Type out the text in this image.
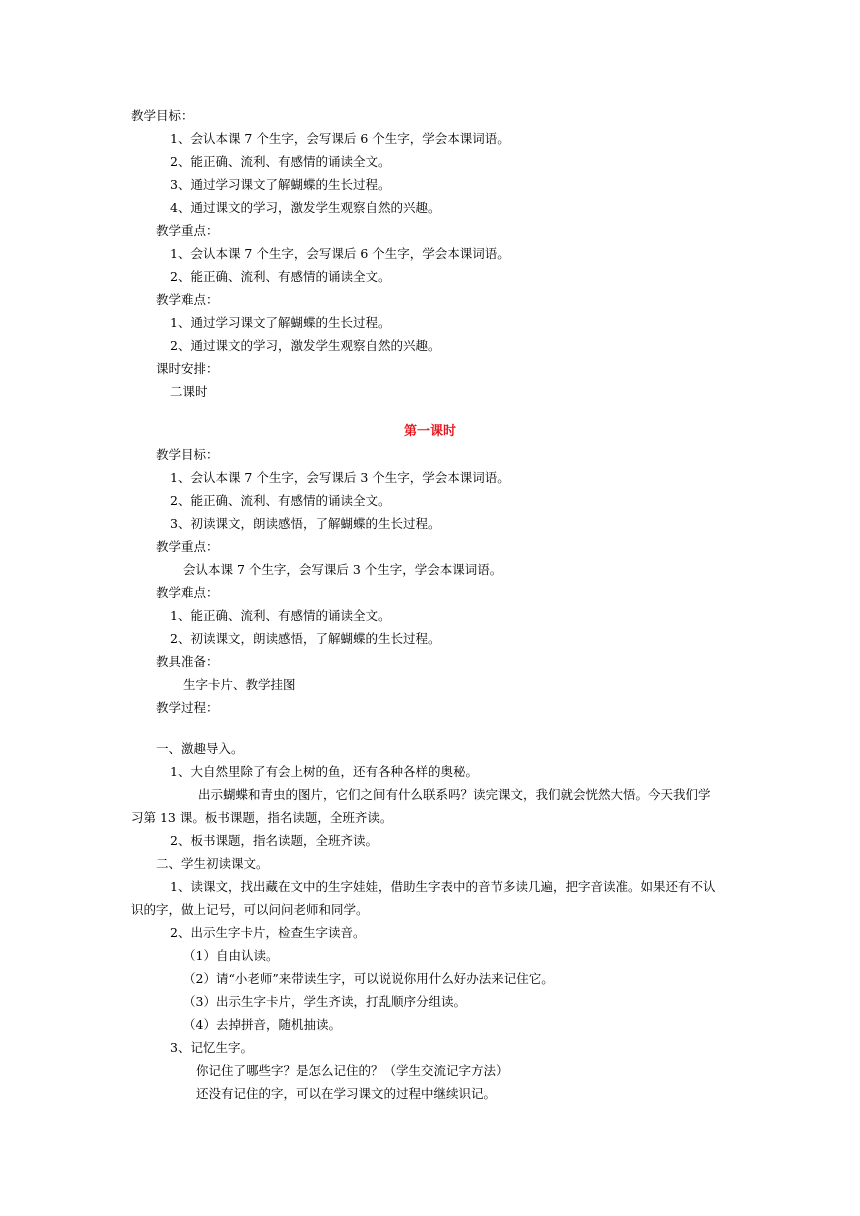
教学目标：
1、会认本课 7 个生字，会写课后 6 个生字，学会本课词语。
2、能正确、流利、有感情的诵读全文。
3、通过学习课文了解蝴蝶的生长过程。
4、通过课文的学习，激发学生观察自然的兴趣。
教学重点：
1、会认本课 7 个生字，会写课后 6 个生字，学会本课词语。
2、能正确、流利、有感情的诵读全文。
教学难点：
1、通过学习课文了解蝴蝶的生长过程。
2、通过课文的学习，激发学生观察自然的兴趣。
课时安排：
二课时
第一课时
教学目标：
1、会认本课 7 个生字，会写课后 3 个生字，学会本课词语。
2、能正确、流利、有感情的诵读全文。
3、初读课文，朗读感悟，了解蝴蝶的生长过程。
教学重点：
会认本课 7 个生字，会写课后 3 个生字，学会本课词语。
教学难点：
1、能正确、流利、有感情的诵读全文。
2、初读课文，朗读感悟，了解蝴蝶的生长过程。
教具准备：
生字卡片、教学挂图
教学过程：
一、激趣导入。
1、大自然里除了有会上树的鱼，还有各种各样的奥秘。
出示蝴蝶和青虫的图片，它们之间有什么联系吗？读完课文，我们就会恍然大悟。今天我们学
习第 13 课。板书课题，指名读题，全班齐读。
2、板书课题，指名读题，全班齐读。
二、学生初读课文。
1、读课文，找出藏在文中的生字娃娃，借助生字表中的音节多读几遍，把字音读准。如果还有不认
识的字，做上记号，可以问问老师和同学。
2、出示生字卡片，检查生字读音。
（1）自由认读。
（2）请“小老师”来带读生字，可以说说你用什么好办法来记住它。
（3）出示生字卡片，学生齐读，打乱顺序分组读。
（4）去掉拼音，随机抽读。
3、记忆生字。
你记住了哪些字？是怎么记住的？（学生交流记字方法）
还没有记住的字，可以在学习课文的过程中继续识记。
